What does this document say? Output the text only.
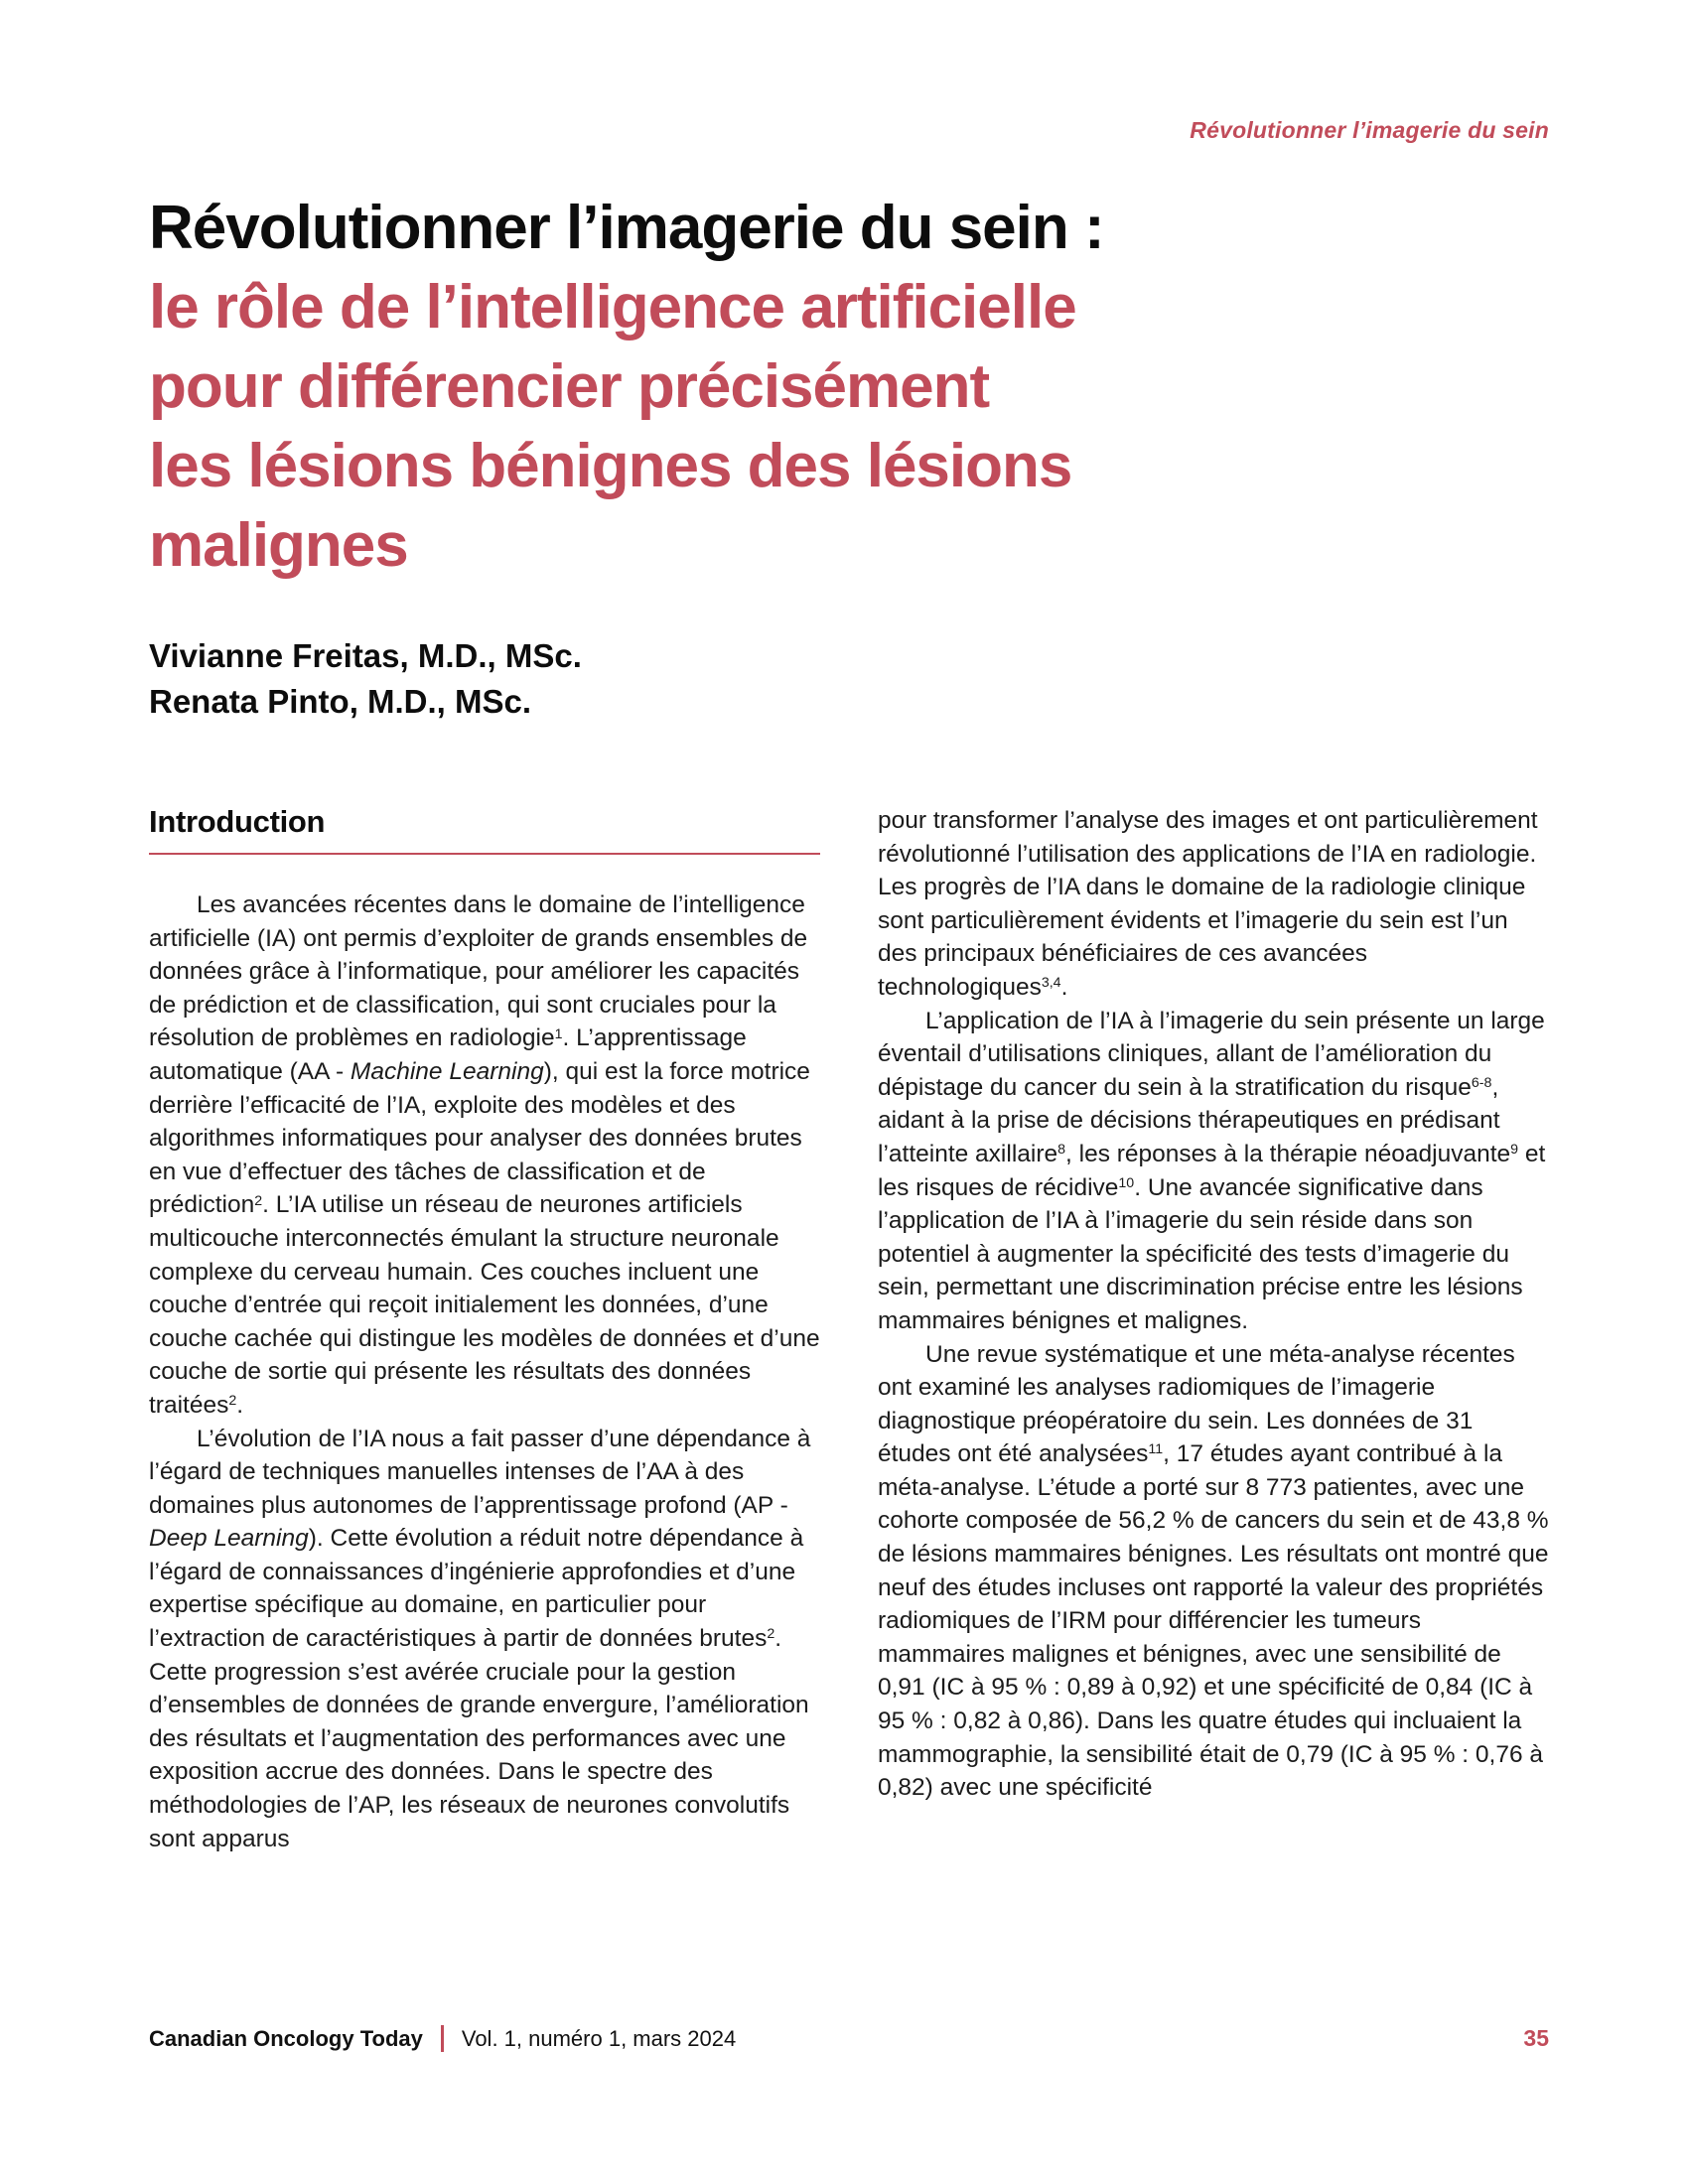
Révolutionner l’imagerie du sein
Révolutionner l’imagerie du sein :
le rôle de l’intelligence artificielle
pour différencier précisément
les lésions bénignes des lésions
malignes
Vivianne Freitas, M.D., MSc.
Renata Pinto, M.D., MSc.
Introduction

Les avancées récentes dans le domaine de l’intelligence artificielle (IA) ont permis d’exploiter de grands ensembles de données grâce à l’informatique, pour améliorer les capacités de prédiction et de classification, qui sont cruciales pour la résolution de problèmes en radiologie$^1$. L’apprentissage automatique (AA - Machine Learning), qui est la force motrice derrière l’efficacité de l’IA, exploite des modèles et des algorithmes informatiques pour analyser des données brutes en vue d’effectuer des tâches de classification et de prédiction$^2$. L’IA utilise un réseau de neurones artificiels multicouche interconnectés émulant la structure neuronale complexe du cerveau humain. Ces couches incluent une couche d’entrée qui reçoit initialement les données, d’une couche cachée qui distingue les modèles de données et d’une couche de sortie qui présente les résultats des données traitées$^2$.

L’évolution de l’IA nous a fait passer d’une dépendance à l’égard de techniques manuelles intenses de l’AA à des domaines plus autonomes de l’apprentissage profond (AP - Deep Learning). Cette évolution a réduit notre dépendance à l’égard de connaissances d’ingénierie approfondies et d’une expertise spécifique au domaine, en particulier pour l’extraction de caractéristiques à partir de données brutes$^2$. Cette progression s’est avérée cruciale pour la gestion d’ensembles de données de grande envergure, l’amélioration des résultats et l’augmentation des performances avec une exposition accrue des données. Dans le spectre des méthodologies de l’AP, les réseaux de neurones convolutifs sont apparus

pour transformer l’analyse des images et ont particulièrement révolutionné l’utilisation des applications de l’IA en radiologie. Les progrès de l’IA dans le domaine de la radiologie clinique sont particulièrement évidents et l’imagerie du sein est l’un des principaux bénéficiaires de ces avancées technologiques$^{3,4}$.

L’application de l’IA à l’imagerie du sein présente un large éventail d’utilisations cliniques, allant de l’amélioration du dépistage du cancer du sein à la stratification du risque$^{6-8}$, aidant à la prise de décisions thérapeutiques en prédisant l’atteinte axillaire$^8$, les réponses à la thérapie néoadjuvante$^9$ et les risques de récidive$^{10}$. Une avancée significative dans l’application de l’IA à l’imagerie du sein réside dans son potentiel à augmenter la spécificité des tests d’imagerie du sein, permettant une discrimination précise entre les lésions mammaires bénignes et malignes.

Une revue systématique et une méta-analyse récentes ont examiné les analyses radiomiques de l’imagerie diagnostique préopératoire du sein. Les données de 31 études ont été analysées$^{11}$, 17 études ayant contribué à la méta-analyse. L’étude a porté sur 8 773 patientes, avec une cohorte composée de 56,2 % de cancers du sein et de 43,8 % de lésions mammaires bénignes. Les résultats ont montré que neuf des études incluses ont rapporté la valeur des propriétés radiomiques de l’IRM pour différencier les tumeurs mammaires malignes et bénignes, avec une sensibilité de 0,91 (IC à 95 % : 0,89 à 0,92) et une spécificité de 0,84 (IC à 95 % : 0,82 à 0,86). Dans les quatre études qui incluaient la mammographie, la sensibilité était de 0,79 (IC à 95 % : 0,76 à 0,82) avec une spécificité

Canadian Oncology Today Vol. 1, numéro 1, mars 2024	35
